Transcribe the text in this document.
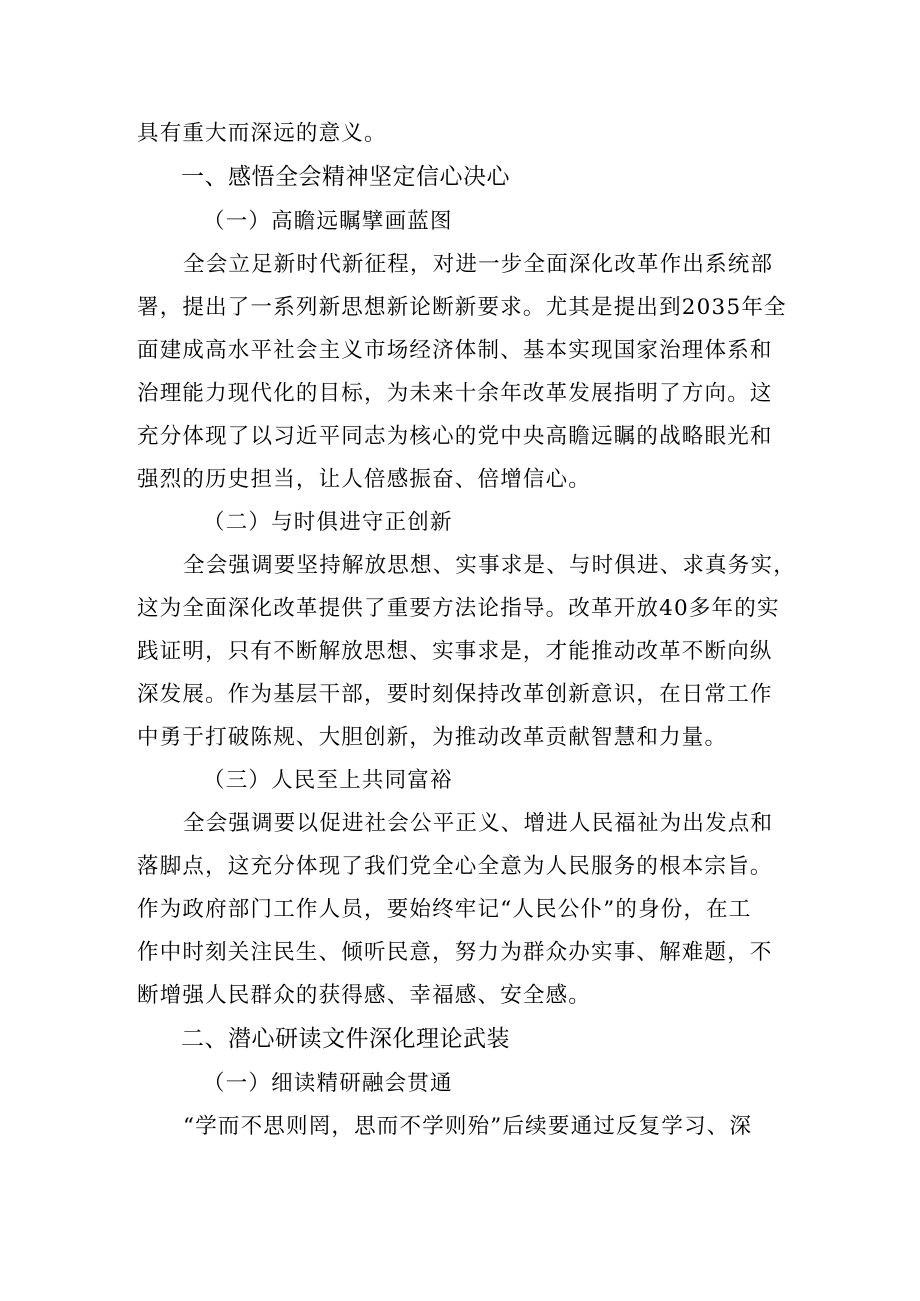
具有重大而深远的意义。
一、感悟全会精神坚定信心决心
（一）高瞻远瞩擘画蓝图
全会立足新时代新征程，对进一步全面深化改革作出系统部
署，提出了一系列新思想新论断新要求。尤其是提出到2035年全
面建成高水平社会主义市场经济体制、基本实现国家治理体系和
治理能力现代化的目标，为未来十余年改革发展指明了方向。这
充分体现了以习近平同志为核心的党中央高瞻远瞩的战略眼光和
强烈的历史担当，让人倍感振奋、倍增信心。
（二）与时俱进守正创新
全会强调要坚持解放思想、实事求是、与时俱进、求真务实，
这为全面深化改革提供了重要方法论指导。改革开放40多年的实
践证明，只有不断解放思想、实事求是，才能推动改革不断向纵
深发展。作为基层干部，要时刻保持改革创新意识，在日常工作
中勇于打破陈规、大胆创新，为推动改革贡献智慧和力量。
（三）人民至上共同富裕
全会强调要以促进社会公平正义、增进人民福祉为出发点和
落脚点，这充分体现了我们党全心全意为人民服务的根本宗旨。
作为政府部门工作人员，要始终牢记“人民公仆”的身份，在工
作中时刻关注民生、倾听民意，努力为群众办实事、解难题，不
断增强人民群众的获得感、幸福感、安全感。
二、潜心研读文件深化理论武装
（一）细读精研融会贯通
“学而不思则罔，思而不学则殆”后续要通过反复学习、深
